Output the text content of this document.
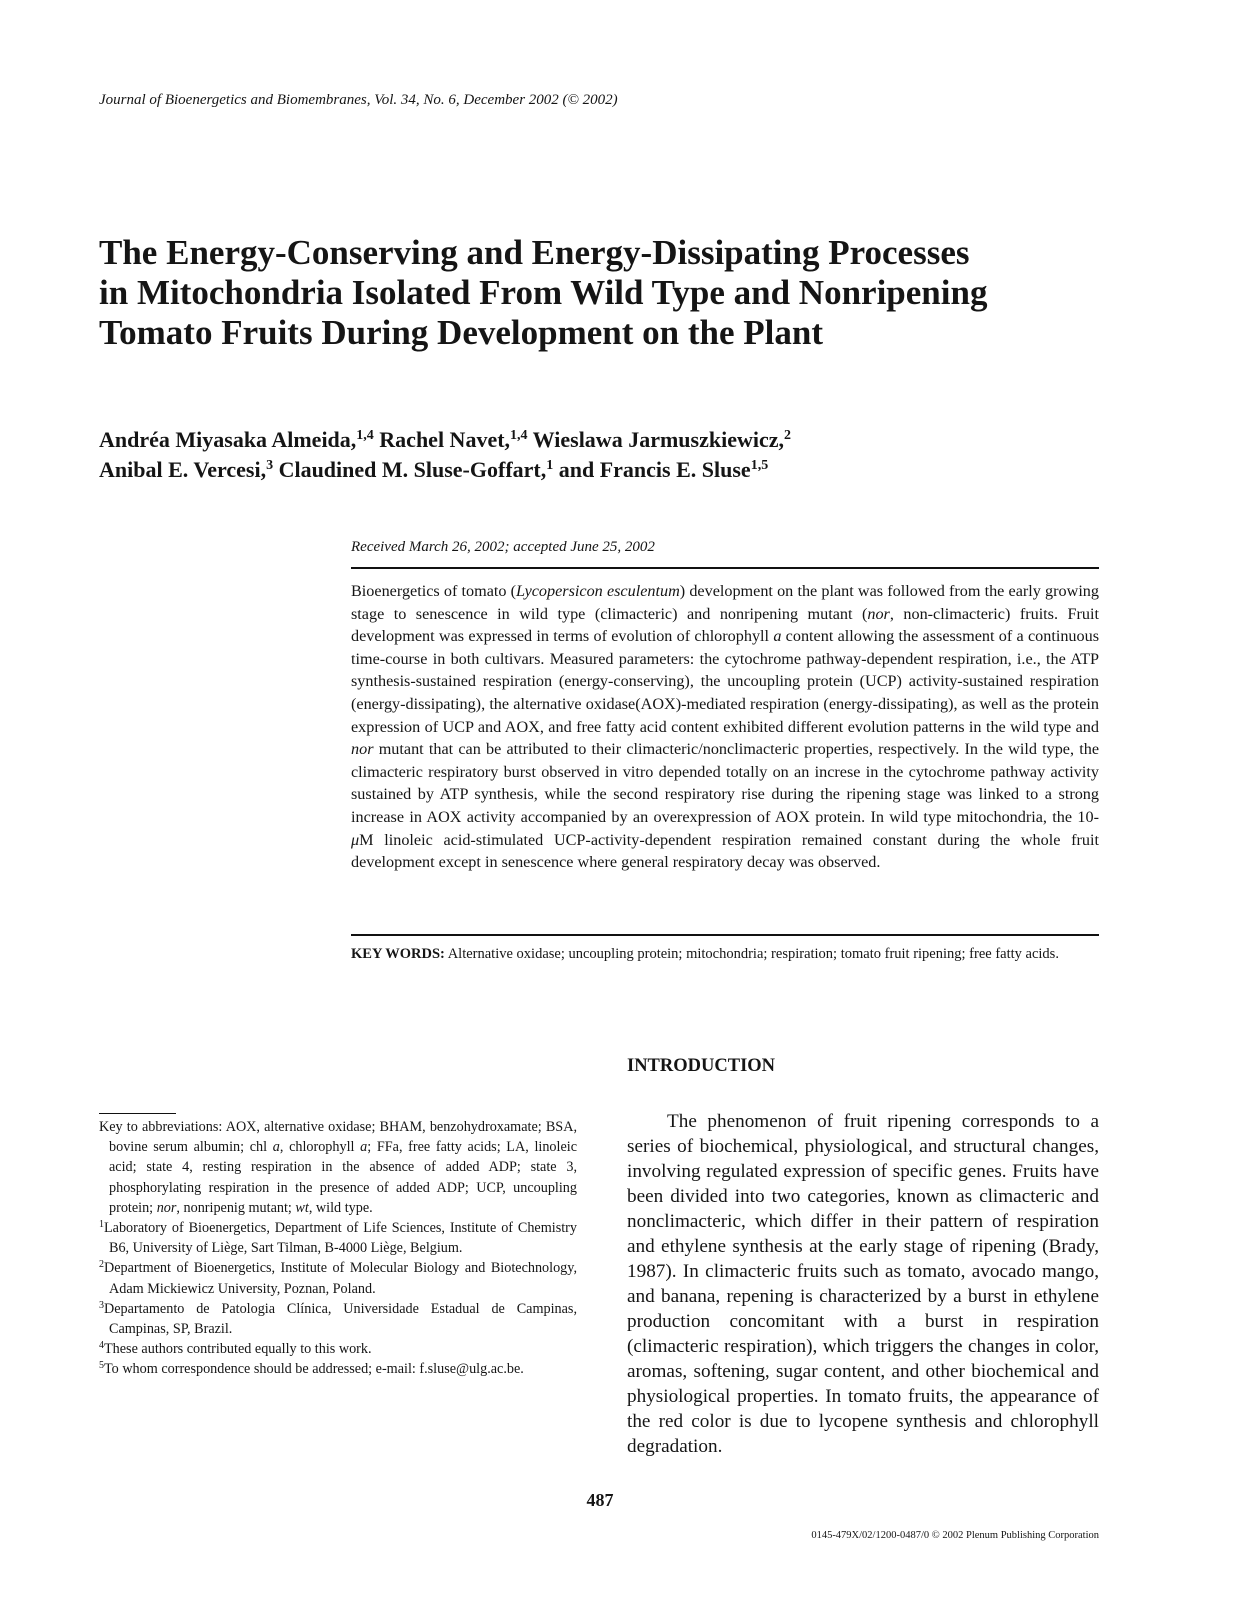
Journal of Bioenergetics and Biomembranes, Vol. 34, No. 6, December 2002 (© 2002)
The Energy-Conserving and Energy-Dissipating Processes
in Mitochondria Isolated From Wild Type and Nonripening
Tomato Fruits During Development on the Plant
Andréa Miyasaka Almeida,$^{1,4}$ Rachel Navet,$^{1,4}$ Wieslawa Jarmuszkiewicz,$^2$
Anibal E. Vercesi,$^3$ Claudined M. Sluse-Goffart,$^1$ and Francis E. Sluse$^{1,5}$
Received March 26, 2002; accepted June 25, 2002

Bioenergetics of tomato (Lycopersicon esculentum) development on the plant was followed from the early growing stage to senescence in wild type (climacteric) and nonripening mutant (nor, non-climacteric) fruits. Fruit development was expressed in terms of evolution of chlorophyll a content allowing the assessment of a continuous time-course in both cultivars. Measured parameters: the cytochrome pathway-dependent respiration, i.e., the ATP synthesis-sustained respiration (energy-conserving), the uncoupling protein (UCP) activity-sustained respiration (energy-dissipating), the alternative oxidase(AOX)-mediated respiration (energy-dissipating), as well as the protein expression of UCP and AOX, and free fatty acid content exhibited different evolution patterns in the wild type and nor mutant that can be attributed to their climacteric/nonclimacteric properties, respectively. In the wild type, the climacteric respiratory burst observed in vitro depended totally on an increse in the cytochrome pathway activity sustained by ATP synthesis, while the second respiratory rise during the ripening stage was linked to a strong increase in AOX activity accompanied by an overexpression of AOX protein. In wild type mitochondria, the 10-μM linoleic acid-stimulated UCP-activity-dependent respiration remained constant during the whole fruit development except in senescence where general respiratory decay was observed.

KEY WORDS: Alternative oxidase; uncoupling protein; mitochondria; respiration; tomato fruit ripening; free fatty acids.

INTRODUCTION

The phenomenon of fruit ripening corresponds to a series of biochemical, physiological, and structural changes, involving regulated expression of specific genes. Fruits have been divided into two categories, known as climacteric and nonclimacteric, which differ in their pattern of respiration and ethylene synthesis at the early stage of ripening (Brady, 1987). In climacteric fruits such as tomato, avocado mango, and banana, repening is characterized by a burst in ethylene production concomitant with a burst in respiration (climacteric respiration), which triggers the changes in color, aromas, softening, sugar content, and other biochemical and physiological properties. In tomato fruits, the appearance of the red color is due to lycopene synthesis and chlorophyll degradation.

Key to abbreviations: AOX, alternative oxidase; BHAM, benzohydroxamate; BSA, bovine serum albumin; chl a, chlorophyll a; FFa, free fatty acids; LA, linoleic acid; state 4, resting respiration in the absence of added ADP; state 3, phosphorylating respiration in the presence of added ADP; UCP, uncoupling protein; nor, nonripenig mutant; wt, wild type.

$^1$Laboratory of Bioenergetics, Department of Life Sciences, Institute of Chemistry B6, University of Liège, Sart Tilman, B-4000 Liège, Belgium.

$^2$Department of Bioenergetics, Institute of Molecular Biology and Biotechnology, Adam Mickiewicz University, Poznan, Poland.

$^3$Departamento de Patologia Clínica, Universidade Estadual de Campinas, Campinas, SP, Brazil.

$^4$These authors contributed equally to this work.

$^5$To whom correspondence should be addressed; e-mail: f.sluse@ulg.ac.be.

487
0145-479X/02/1200-0487/0 © 2002 Plenum Publishing Corporation
